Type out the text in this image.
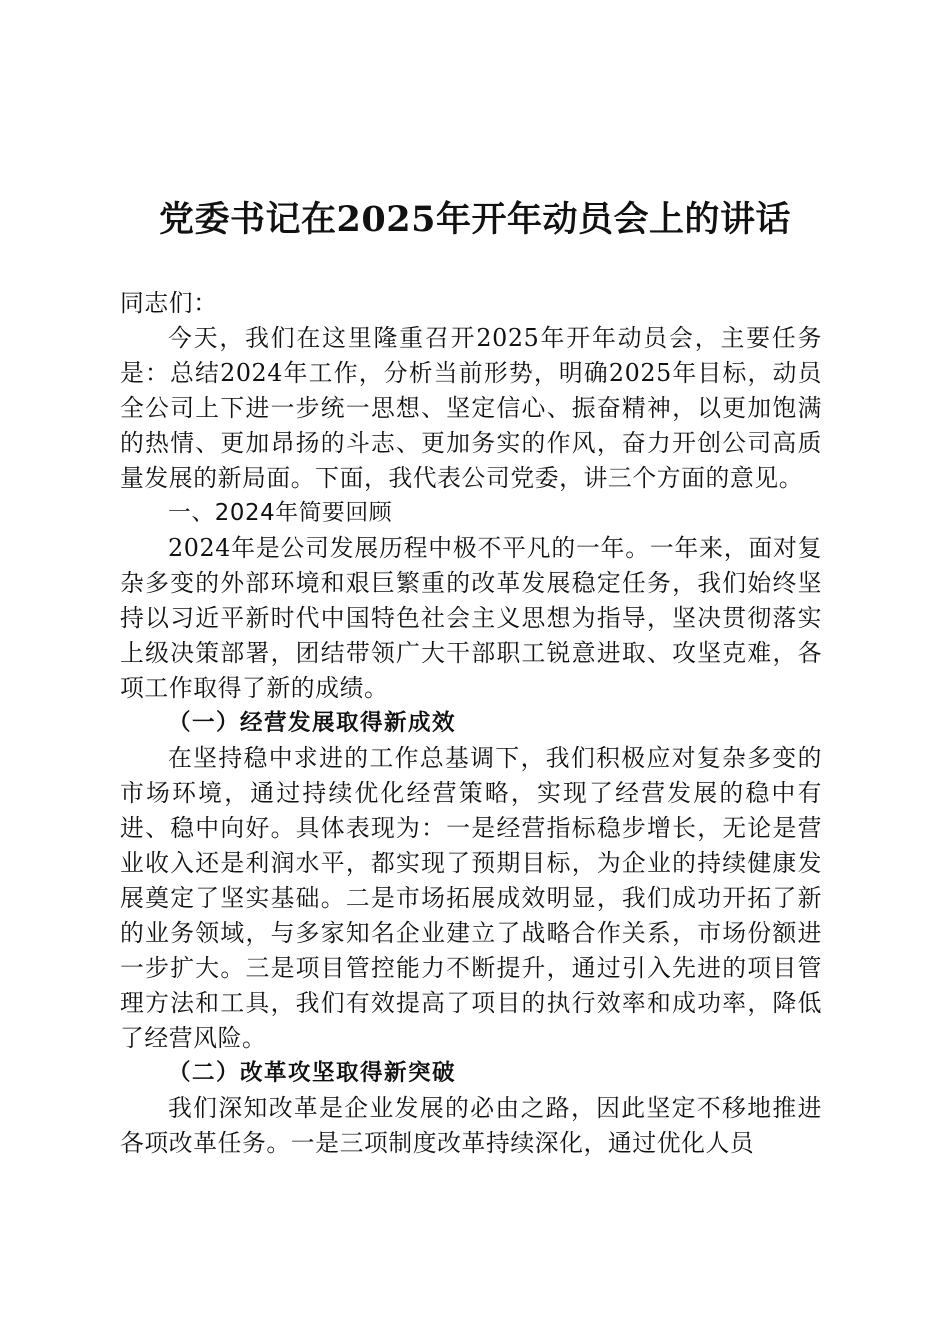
党委书记在2025年开年动员会上的讲话

同志们：

今天，我们在这里隆重召开2025年开年动员会，主要任务是：总结2024年工作，分析当前形势，明确2025年目标，动员全公司上下进一步统一思想、坚定信心、振奋精神，以更加饱满的热情、更加昂扬的斗志、更加务实的作风，奋力开创公司高质量发展的新局面。下面，我代表公司党委，讲三个方面的意见。

一、2024年简要回顾

2024年是公司发展历程中极不平凡的一年。一年来，面对复杂多变的外部环境和艰巨繁重的改革发展稳定任务，我们始终坚持以习近平新时代中国特色社会主义思想为指导，坚决贯彻落实上级决策部署，团结带领广大干部职工锐意进取、攻坚克难，各项工作取得了新的成绩。

（一）经营发展取得新成效

在坚持稳中求进的工作总基调下，我们积极应对复杂多变的市场环境，通过持续优化经营策略，实现了经营发展的稳中有进、稳中向好。具体表现为：一是经营指标稳步增长，无论是营业收入还是利润水平，都实现了预期目标，为企业的持续健康发展奠定了坚实基础。二是市场拓展成效明显，我们成功开拓了新的业务领域，与多家知名企业建立了战略合作关系，市场份额进一步扩大。三是项目管控能力不断提升，通过引入先进的项目管理方法和工具，我们有效提高了项目的执行效率和成功率，降低了经营风险。

（二）改革攻坚取得新突破

我们深知改革是企业发展的必由之路，因此坚定不移地推进各项改革任务。一是三项制度改革持续深化，通过优化人员
